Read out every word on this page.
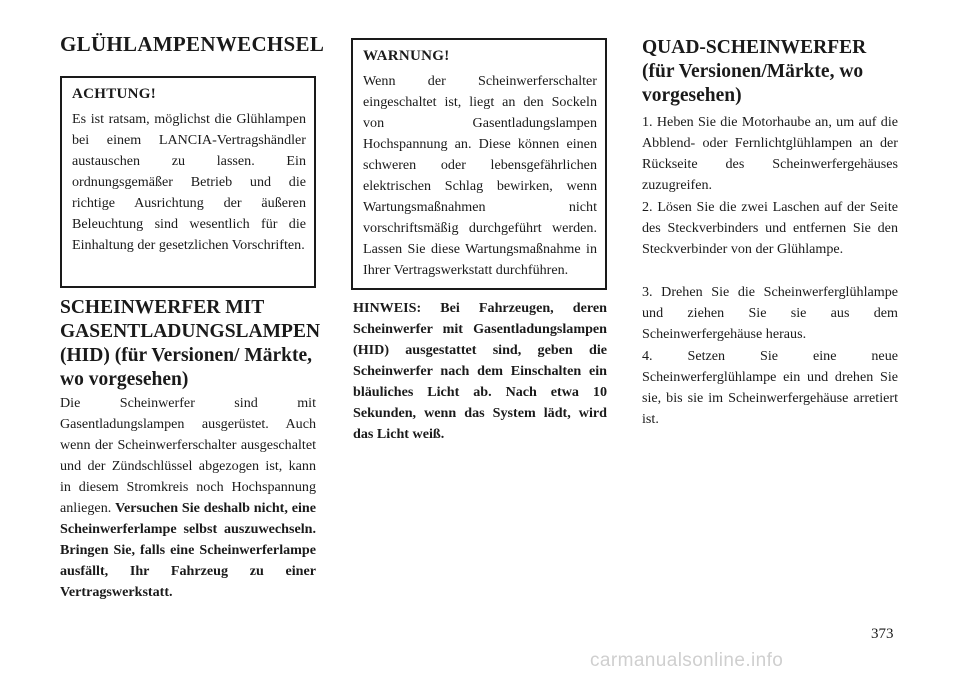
GLÜHLAMPENWECHSEL
ACHTUNG!
Es ist ratsam, möglichst die Glühlampen bei einem LANCIA-Vertragshändler austauschen zu lassen. Ein ordnungsgemäßer Betrieb und die richtige Ausrichtung der äußeren Beleuchtung sind wesentlich für die Einhaltung der gesetzlichen Vorschriften.
SCHEINWERFER MIT GASENTLADUNGSLAMPEN (HID) (für Versionen/ Märkte, wo vorgesehen)
Die Scheinwerfer sind mit Gasentladungslampen ausgerüstet. Auch wenn der Scheinwerferschalter ausgeschaltet und der Zündschlüssel abgezogen ist, kann in diesem Stromkreis noch Hochspannung anliegen. Versuchen Sie deshalb nicht, eine Scheinwerferlampe selbst auszuwechseln. Bringen Sie, falls eine Scheinwerferlampe ausfällt, Ihr Fahrzeug zu einer Vertragswerkstatt.
WARNUNG!
Wenn der Scheinwerferschalter eingeschaltet ist, liegt an den Sockeln von Gasentladungslampen Hochspannung an. Diese können einen schweren oder lebensgefährlichen elektrischen Schlag bewirken, wenn Wartungsmaßnahmen nicht vorschriftsmäßig durchgeführt werden. Lassen Sie diese Wartungsmaßnahme in Ihrer Vertragswerkstatt durchführen.
HINWEIS: Bei Fahrzeugen, deren Scheinwerfer mit Gasentladungslampen (HID) ausgestattet sind, geben die Scheinwerfer nach dem Einschalten ein bläuliches Licht ab. Nach etwa 10 Sekunden, wenn das System lädt, wird das Licht weiß.
QUAD-SCHEINWERFER (für Versionen/Märkte, wo vorgesehen)
1. Heben Sie die Motorhaube an, um auf die Abblend- oder Fernlichtglühlampen an der Rückseite des Scheinwerfergehäuses zuzugreifen.
2. Lösen Sie die zwei Laschen auf der Seite des Steckverbinders und entfernen Sie den Steckverbinder von der Glühlampe.
3. Drehen Sie die Scheinwerferglühlampe und ziehen Sie sie aus dem Scheinwerfergehäuse heraus.
4. Setzen Sie eine neue Scheinwerferglühlampe ein und drehen Sie sie, bis sie im Scheinwerfergehäuse arretiert ist.
373
carmanualsonline.info
